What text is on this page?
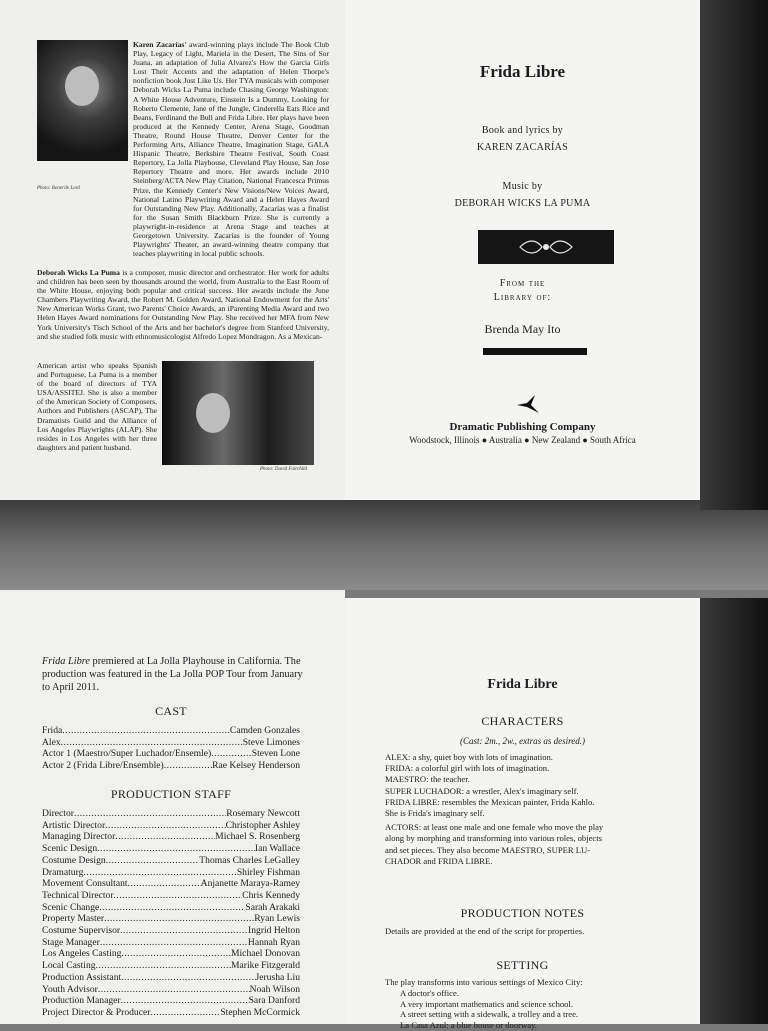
Photo: Bonerile Lord
Karen Zacarías' award-winning plays include The Book Club Play, Legacy of Light, Mariela in the Desert, The Sins of Sor Juana, an adaptation of Julia Alvarez's How the Garcia Girls Lost Their Accents and the adaptation of Helen Thorpe's nonfiction book Just Like Us. Her TYA musicals with composer Deborah Wicks La Puma include Chasing George Washington: A White House Adventure, Einstein Is a Dummy, Looking for Roberto Clemente, Jane of the Jungle, Cinderella Eats Rice and Beans, Ferdinand the Bull and Frida Libre. Her plays have been produced at the Kennedy Center, Arena Stage, Goodman Theatre, Round House Theatre, Denver Center for the Performing Arts, Alliance Theatre, Imagination Stage, GALA Hispanic Theatre, Berkshire Theatre Festival, South Coast Repertory, La Jolla Playhouse, Cleveland Play House, San Jose Repertory Theatre and more. Her awards include 2010 Steinberg/ACTA New Play Citation, National Francesca Primus Prize, the Kennedy Center's New Visions/New Voices Award, National Latino Playwriting Award and a Helen Hayes Award for Outstanding New Play. Additionally, Zacarías was a finalist for the Susan Smith Blackburn Prize. She is currently a playwright-in-residence at Arena Stage and teaches at Georgetown University. Zacarías is the founder of Young Playwrights' Theater, an award-winning theatre company that teaches playwriting in local public schools.
Deborah Wicks La Puma is a composer, music director and orchestrator. Her work for adults and children has been seen by thousands around the world, from Australia to the East Room of the White House, enjoying both popular and critical success. Her awards include the June Chambers Playwriting Award, the Robert M. Golden Award, National Endowment for the Arts' New American Works Grant, two Parents' Choice Awards, an iParenting Media Award and two Helen Hayes Award nominations for Outstanding New Play. She received her MFA from New York University's Tisch School of the Arts and her bachelor's degree from Stanford University, and she studied folk music with ethnomusicologist Alfredo Lopez Mondragon. As a Mexican-
American artist who speaks Spanish and Portuguese, La Puma is a member of the board of directors of TYA USA/ASSITEJ. She is also a member of the American Society of Composers, Authors and Publishers (ASCAP), The Dramatists Guild and the Alliance of Los Angeles Playwrights (ALAP). She resides in Los Angeles with her three daughters and patient husband.
Photo: David Fairchild
Frida Libre
Book and lyrics by
KAREN ZACARÍAS
Music by
DEBORAH WICKS LA PUMA
From the
Library of:
Brenda May Ito
Dramatic Publishing Company
Woodstock, Illinois ● Australia ● New Zealand ● South Africa
Frida Libre premiered at La Jolla Playhouse in California. The production was featured in the La Jolla POP Tour from January to April 2011.
CAST
Frida .....	Camden Gonzales
Alex .....	Steve Limones
Actor 1 (Maestro/Super Luchador/Ensemle) .....	Steven Lone
Actor 2 (Frida Libre/Ensemble) .....	Rae Kelsey Henderson
PRODUCTION STAFF
Director .....	Rosemary Newcott
Artistic Director .....	Christopher Ashley
Managing Director .....	Michael S. Rosenberg
Scenic Design .....	Ian Wallace
Costume Design .....	Thomas Charles LeGalley
Dramaturg .....	Shirley Fishman
Movement Consultant .....	Anjanette Maraya-Ramey
Technical Director .....	Chris Kennedy
Scenic Change .....	Sarah Arakaki
Property Master .....	Ryan Lewis
Costume Supervisor .....	Ingrid Helton
Stage Manager .....	Hannah Ryan
Los Angeles Casting .....	Michael Donovan
Local Casting .....	Marike Fitzgerald
Production Assistant .....	Jerusha Liu
Youth Advisor .....	Noah Wilson
Production Manager .....	Sara Danford
Project Director & Producer .....	Stephen McCormick
Frida Libre
CHARACTERS
(Cast: 2m., 2w., extras as desired.)
ALEX: a shy, quiet boy with lots of imagination.
FRIDA: a colorful girl with lots of imagination.
MAESTRO: the teacher.
SUPER LUCHADOR: a wrestler, Alex's imaginary self.
FRIDA LIBRE: resembles the Mexican painter, Frida Kahlo.
She is Frida's imaginary self.
ACTORS: at least one male and one female who move the play
along by morphing and transforming into various roles, objects
and set pieces. They also become MAESTRO, SUPER LU-
CHADOR and FRIDA LIBRE.
PRODUCTION NOTES
Details are provided at the end of the script for properties.
SETTING
The play transforms into various settings of Mexico City:
A doctor's office.
A very important mathematics and science school.
A street setting with a sidewalk, a trolley and a tree.
La Casa Azul: a blue house or doorway.
